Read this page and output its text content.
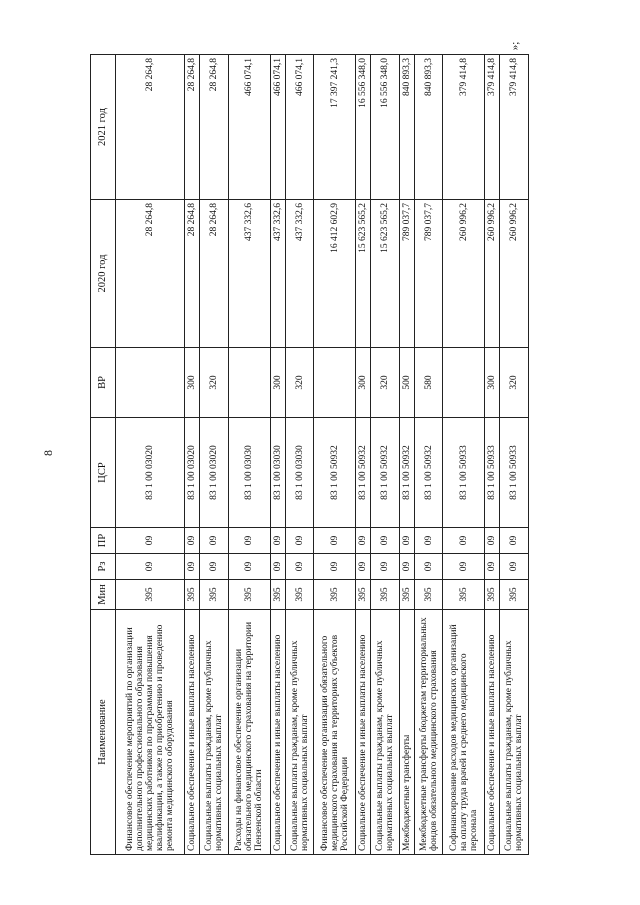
8
»;
Наименование	Мин	Рз	ПР	ЦСР	ВР	2020 год	2021 год
Финансовое обеспечение мероприятий по организации дополнительного профессионального образования медицинских работников по программам повышения квалификации, а также по приобретению и проведению ремонта медицинского оборудования	395	09	09	83 1 00 03020		28 264,8	28 264,8
Социальное обеспечение и иные выплаты населению	395	09	09	83 1 00 03020	300	28 264,8	28 264,8
Социальные выплаты гражданам, кроме публичных нормативных социальных выплат	395	09	09	83 1 00 03020	320	28 264,8	28 264,8
Расходы на финансовое обеспечение организации обязательного медицинского страхования на территории Пензенской области	395	09	09	83 1 00 03030		437 332,6	466 074,1
Социальное обеспечение и иные выплаты населению	395	09	09	83 1 00 03030	300	437 332,6	466 074,1
Социальные выплаты гражданам, кроме публичных нормативных социальных выплат	395	09	09	83 1 00 03030	320	437 332,6	466 074,1
Финансовое обеспечение организации обязательного медицинского страхования на территориях субъектов Российской Федерации	395	09	09	83 1 00 50932		16 412 602,9	17 397 241,3
Социальное обеспечение и иные выплаты населению	395	09	09	83 1 00 50932	300	15 623 565,2	16 556 348,0
Социальные выплаты гражданам, кроме публичных нормативных социальных выплат	395	09	09	83 1 00 50932	320	15 623 565,2	16 556 348,0
Межбюджетные трансферты	395	09	09	83 1 00 50932	500	789 037,7	840 893,3
Межбюджетные трансферты бюджетам территориальных фондов обязательного медицинского страхования	395	09	09	83 1 00 50932	580	789 037,7	840 893,3
Софинансирование расходов медицинских организаций на оплату труда врачей и среднего медицинского персонала	395	09	09	83 1 00 50933		260 996,2	379 414,8
Социальное обеспечение и иные выплаты населению	395	09	09	83 1 00 50933	300	260 996,2	379 414,8
Социальные выплаты гражданам, кроме публичных нормативных социальных выплат	395	09	09	83 1 00 50933	320	260 996,2	379 414,8
